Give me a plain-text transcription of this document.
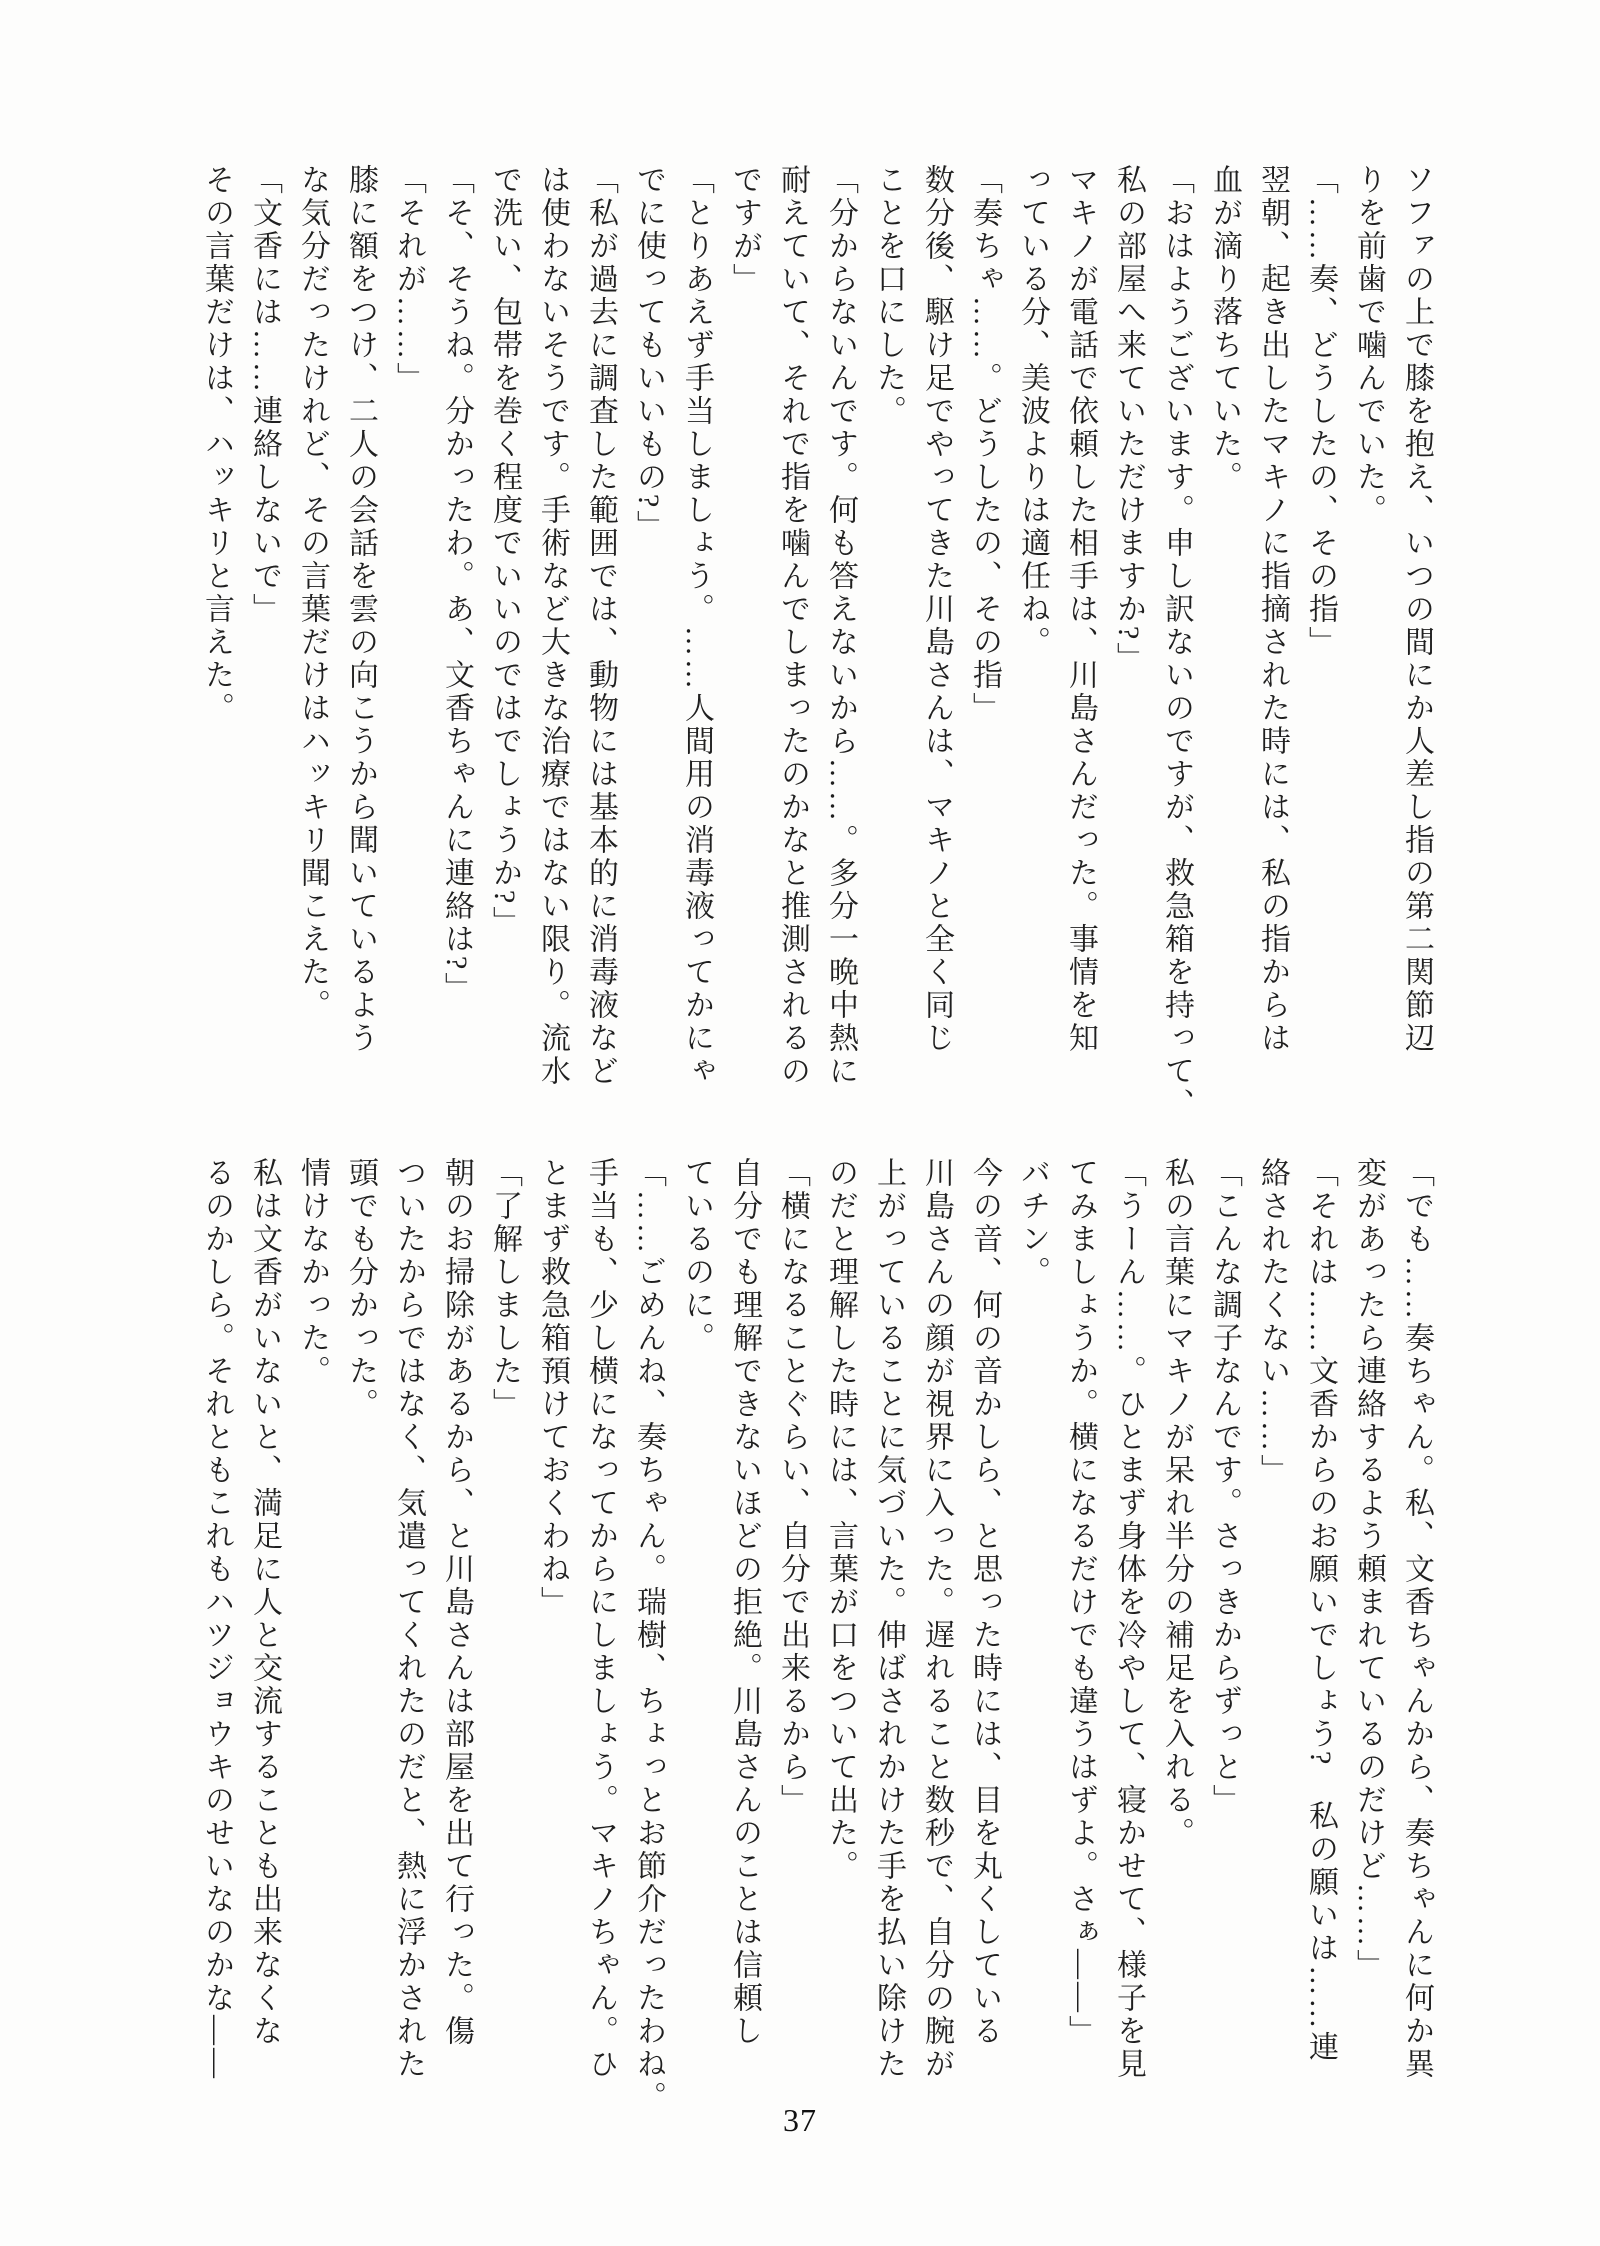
ソファの上で膝を抱え、いつの間にか人差し指の第二関節辺
りを前歯で噛んでいた。
「……奏、どうしたの、その指」
翌朝、起き出したマキノに指摘された時には、私の指からは
血が滴り落ちていた。
「おはようございます。申し訳ないのですが、救急箱を持って、
私の部屋へ来ていただけますか?」
マキノが電話で依頼した相手は、川島さんだった。事情を知
っている分、美波よりは適任ね。
「奏ちゃ……。どうしたの、その指」
数分後、駆け足でやってきた川島さんは、マキノと全く同じ
ことを口にした。
「分からないんです。何も答えないから……。多分一晩中熱に
耐えていて、それで指を噛んでしまったのかなと推測されるの
ですが」
「とりあえず手当しましょう。……人間用の消毒液ってかにゃ
でに使ってもいいもの?」
「私が過去に調査した範囲では、動物には基本的に消毒液など
は使わないそうです。手術など大きな治療ではない限り。流水
で洗い、包帯を巻く程度でいいのではでしょうか?」
「そ、そうね。分かったわ。あ、文香ちゃんに連絡は?」
「それが……」
膝に額をつけ、二人の会話を雲の向こうから聞いているよう
な気分だったけれど、その言葉だけはハッキリ聞こえた。
「文香には……連絡しないで」
その言葉だけは、ハッキリと言えた。
「でも……奏ちゃん。私、文香ちゃんから、奏ちゃんに何か異
変があったら連絡するよう頼まれているのだけど……」
「それは……文香からのお願いでしょう?　私の願いは……連
絡されたくない……」
「こんな調子なんです。さっきからずっと」
私の言葉にマキノが呆れ半分の補足を入れる。
「うーん……。ひとまず身体を冷やして、寝かせて、様子を見
てみましょうか。横になるだけでも違うはずよ。さぁ――」
バチン。
今の音、何の音かしら、と思った時には、目を丸くしている
川島さんの顔が視界に入った。遅れること数秒で、自分の腕が
上がっていることに気づいた。伸ばされかけた手を払い除けた
のだと理解した時には、言葉が口をついて出た。
「横になることぐらい、自分で出来るから」
自分でも理解できないほどの拒絶。川島さんのことは信頼し
ているのに。
「……ごめんね、奏ちゃん。瑞樹、ちょっとお節介だったわね。
手当も、少し横になってからにしましょう。マキノちゃん。ひ
とまず救急箱預けておくわね」
「了解しました」
朝のお掃除があるから、と川島さんは部屋を出て行った。傷
ついたからではなく、気遣ってくれたのだと、熱に浮かされた
頭でも分かった。
情けなかった。
私は文香がいないと、満足に人と交流することも出来なくな
るのかしら。それともこれもハツジョウキのせいなのかな――
37
